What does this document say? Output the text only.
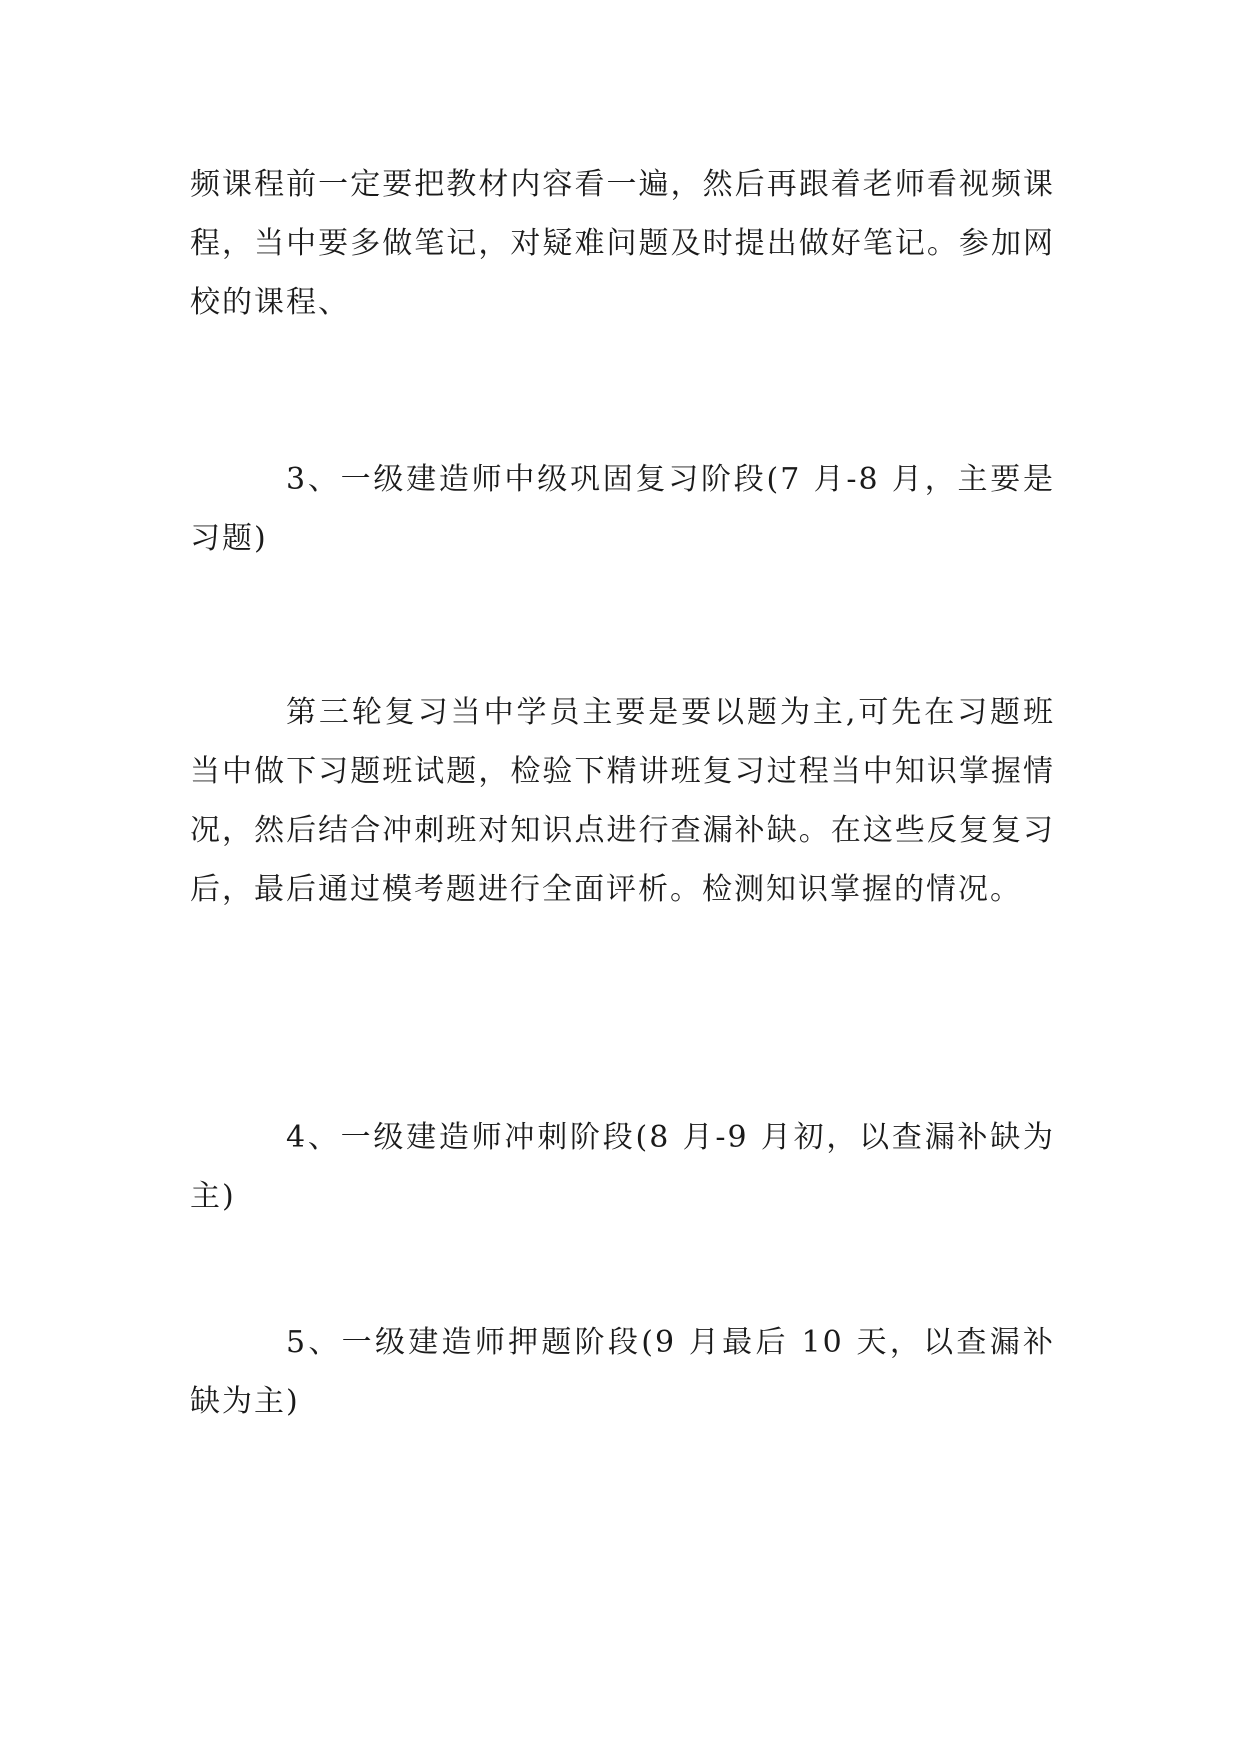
频课程前一定要把教材内容看一遍，然后再跟着老师看视频课程，当中要多做笔记，对疑难问题及时提出做好笔记。参加网校的课程、

3、一级建造师中级巩固复习阶段(7 月-8 月，主要是习题)

第三轮复习当中学员主要是要以题为主,可先在习题班当中做下习题班试题，检验下精讲班复习过程当中知识掌握情况，然后结合冲刺班对知识点进行查漏补缺。在这些反复复习后，最后通过模考题进行全面评析。检测知识掌握的情况。

4、一级建造师冲刺阶段(8 月-9 月初，以查漏补缺为主)

5、一级建造师押题阶段(9 月最后 10 天，以查漏补缺为主)
